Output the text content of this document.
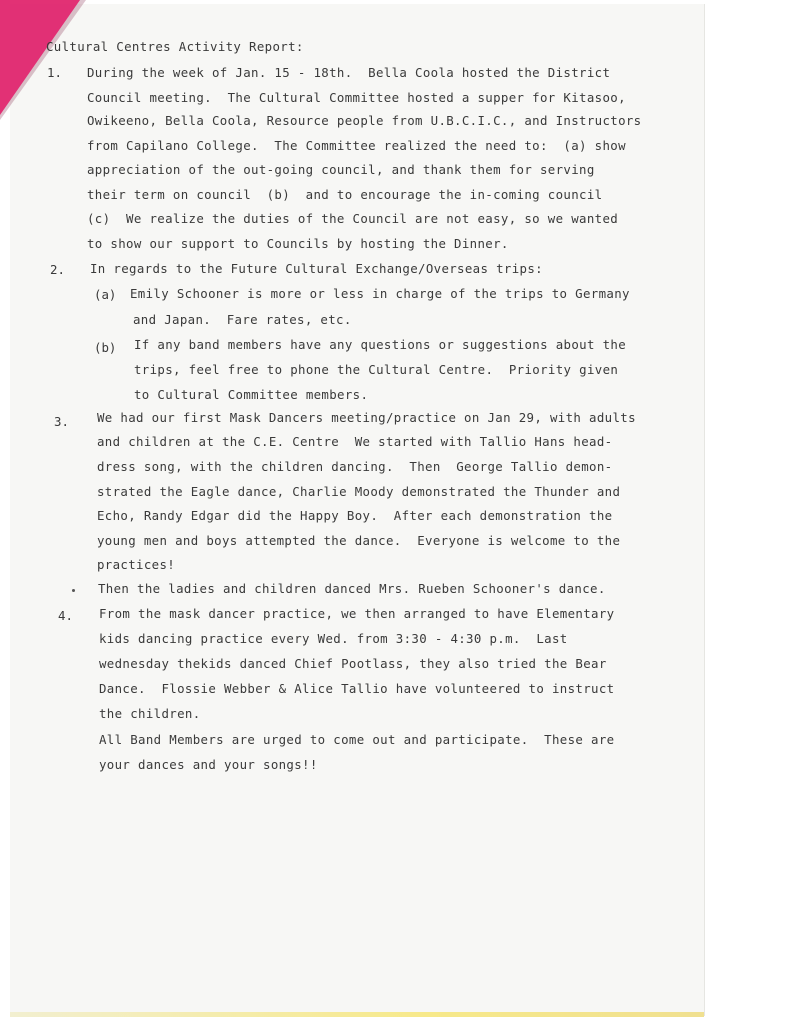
Cultural Centres Activity Report:
1. During the week of Jan. 15 - 18th.  Bella Coola hosted the District
Council meeting.  The Cultural Committee hosted a supper for Kitasoo,
Owikeeno, Bella Coola, Resource people from U.B.C.I.C., and Instructors
from Capilano College.  The Committee realized the need to:  (a) show
appreciation of the out-going council, and thank them for serving
their term on council  (b)  and to encourage the in-coming council
(c)  We realize the duties of the Council are not easy, so we wanted
to show our support to Councils by hosting the Dinner.
2. In regards to the Future Cultural Exchange/Overseas trips:
(a) Emily Schooner is more or less in charge of the trips to Germany
and Japan.  Fare rates, etc.
(b) If any band members have any questions or suggestions about the
trips, feel free to phone the Cultural Centre.  Priority given
to Cultural Committee members.
3. We had our first Mask Dancers meeting/practice on Jan 29, with adults
and children at the C.E. Centre  We started with Tallio Hans head-
dress song, with the children dancing.  Then  George Tallio demon-
strated the Eagle dance, Charlie Moody demonstrated the Thunder and
Echo, Randy Edgar did the Happy Boy.  After each demonstration the
young men and boys attempted the dance.  Everyone is welcome to the
practices!
Then the ladies and children danced Mrs. Rueben Schooner's dance.
4. From the mask dancer practice, we then arranged to have Elementary
kids dancing practice every Wed. from 3:30 - 4:30 p.m.  Last
wednesday thekids danced Chief Pootlass, they also tried the Bear
Dance.  Flossie Webber & Alice Tallio have volunteered to instruct
the children.
All Band Members are urged to come out and participate.  These are
your dances and your songs!!
